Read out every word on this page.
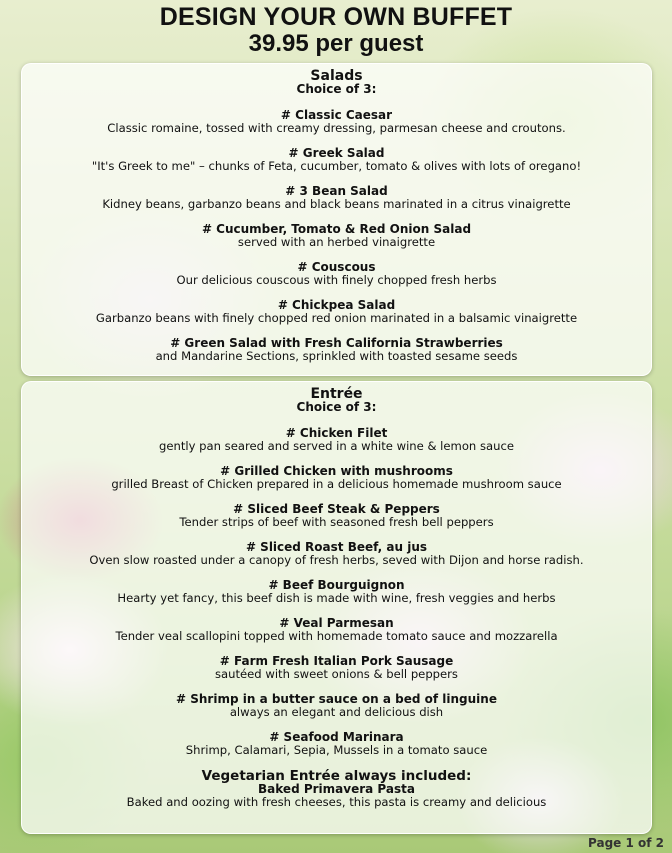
DESIGN YOUR OWN BUFFET
39.95 per guest
Salads
Choice of 3:
# Classic Caesar
Classic romaine, tossed with creamy dressing, parmesan cheese and croutons.
# Greek Salad
"It's Greek to me" – chunks of Feta, cucumber, tomato & olives with lots of oregano!
# 3 Bean Salad
Kidney beans, garbanzo beans and black beans marinated in a citrus vinaigrette
# Cucumber, Tomato & Red Onion Salad
served with an herbed vinaigrette
# Couscous
Our delicious couscous with finely chopped fresh herbs
# Chickpea Salad
Garbanzo beans with finely chopped red onion marinated in a balsamic vinaigrette
# Green Salad with Fresh California Strawberries
and Mandarine Sections, sprinkled with toasted sesame seeds
Entrée
Choice of 3:
# Chicken Filet
gently pan seared and served in a white wine & lemon sauce
# Grilled Chicken with mushrooms
grilled Breast of Chicken prepared in a delicious homemade mushroom sauce
# Sliced Beef Steak & Peppers
Tender strips of beef with seasoned fresh bell peppers
# Sliced Roast Beef, au jus
Oven slow roasted under a canopy of fresh herbs, seved with Dijon and horse radish.
# Beef Bourguignon
Hearty yet fancy, this beef dish is made with wine, fresh veggies and herbs
# Veal Parmesan
Tender veal scallopini topped with homemade tomato sauce and mozzarella
# Farm Fresh Italian Pork Sausage
sautéed with sweet onions & bell peppers
# Shrimp in a butter sauce on a bed of linguine
always an elegant and delicious dish
# Seafood Marinara
Shrimp, Calamari, Sepia, Mussels in a tomato sauce
Vegetarian Entrée always included:
Baked Primavera Pasta
Baked and oozing with fresh cheeses, this pasta is creamy and delicious
Page 1 of 2
